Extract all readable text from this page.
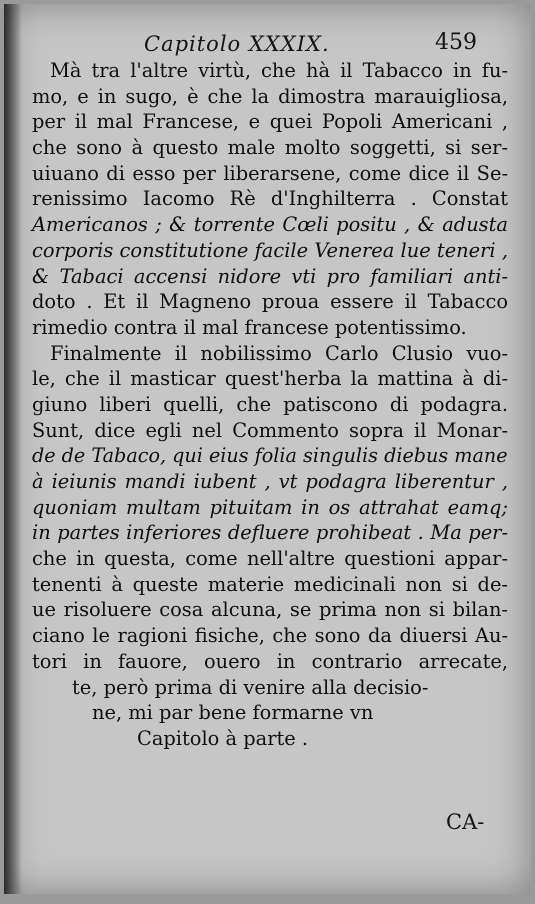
Capitolo XXXIX.	459
Mà tra l'altre virtù, che hà il Tabacco in fu-
mo, e in sugo, è che la dimostra marauigliosa,
per il mal Francese, e quei Popoli Americani ,
che sono à questo male molto soggetti, si ser-
uiuano di esso per liberarsene, come dice il Se-
renissimo Iacomo Rè d'Inghilterra . Constat
Americanos ; & torrente Cœli positu , & adusta
corporis constitutione facile Venerea lue teneri ,
& Tabaci accensi nidore vti pro familiari anti-
doto . Et il Magneno proua essere il Tabacco
rimedio contra il mal francese potentissimo.
Finalmente il nobilissimo Carlo Clusio vuo-
le, che il masticar quest'herba la mattina à di-
giuno liberi quelli, che patiscono di podagra.
Sunt, dice egli nel Commento sopra il Monar-
de de Tabaco, qui eius folia singulis diebus mane
à ieiunis mandi iubent , vt podagra liberentur ,
quoniam multam pituitam in os attrahat eamq;
in partes inferiores defluere prohibeat . Ma per-
che in questa, come nell'altre questioni appar-
tenenti à queste materie medicinali non si de-
ue risoluere cosa alcuna, se prima non si bilan-
ciano le ragioni fisiche, che sono da diuersi Au-
tori in fauore, ouero in contrario arrecate,
te, però prima di venire alla decisio-
ne, mi par bene formarne vn
Capitolo à parte .
CA-
